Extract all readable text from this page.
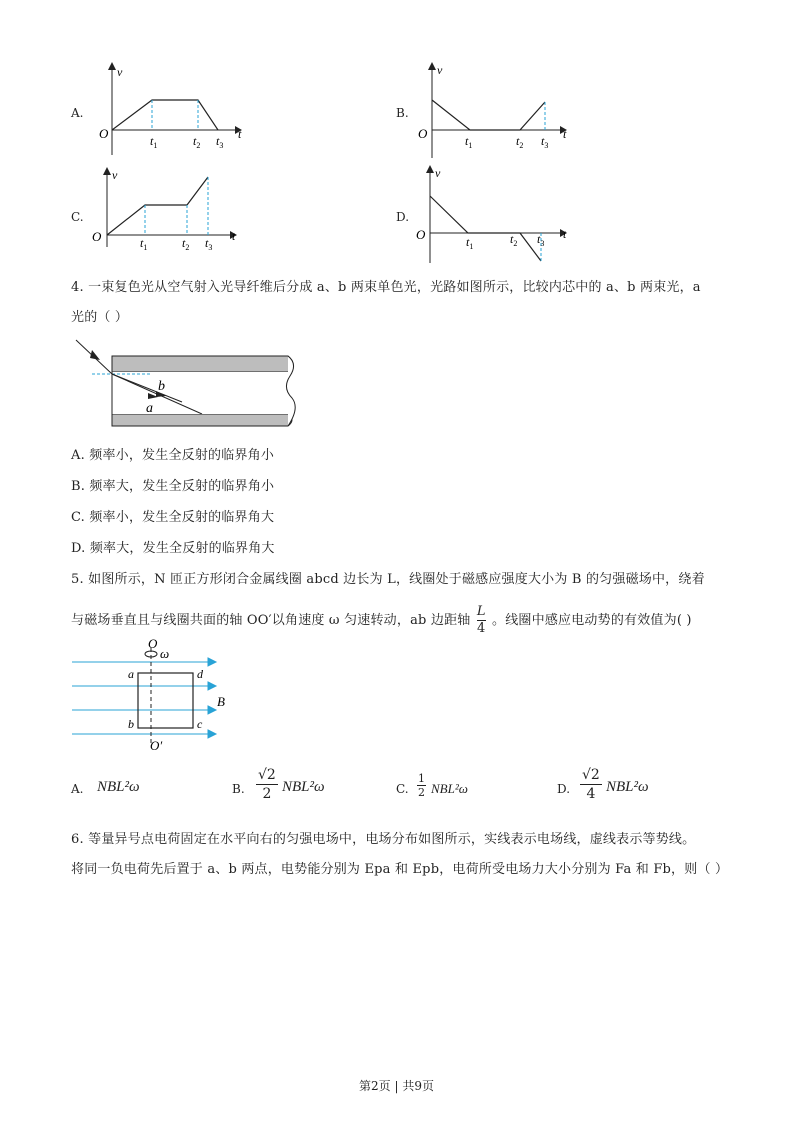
A.	B.
C.	D.
v
t
O	$t_1$	$t_2$ $t_3$
v
t
O	$t_1$	$t_2$ $t_3$
v
t
O	$t_1$	$t_2$ $t_3$
v
t
O	$t_1$
$t_2$ $t_3$
4. 一束复色光从空气射入光导纤维后分成 a、b 两束单色光，光路如图所示，比较内芯中的 a、b 两束光，a
光的（ ）
b
a
A. 频率小，发生全反射的临界角小
B. 频率大，发生全反射的临界角小
C. 频率小，发生全反射的临界角大
D. 频率大，发生全反射的临界角大
5. 如图所示，N 匝正方形闭合金属线圈 abcd 边长为 L，线圈处于磁感应强度大小为 B 的匀强磁场中，绕着
与磁场垂直且与线圈共面的轴 OO′以角速度 ω 匀速转动，ab 边距轴 $\frac{L}{4}$ 。线圈中感应电动势的有效值为( )
O
ω
O′
a	d
b	c
B
A. NBL²ω	B.
√2
2 NBL²ω	C.
1
2 NBL²ω	D.
√2
4 NBL²ω
6. 等量异号点电荷固定在水平向右的匀强电场中，电场分布如图所示，实线表示电场线，虚线表示等势线。
将同一负电荷先后置于 a、b 两点，电势能分别为 Epa 和 Epb，电荷所受电场力大小分别为 Fa 和 Fb，则（ ）
第2页 | 共9页
